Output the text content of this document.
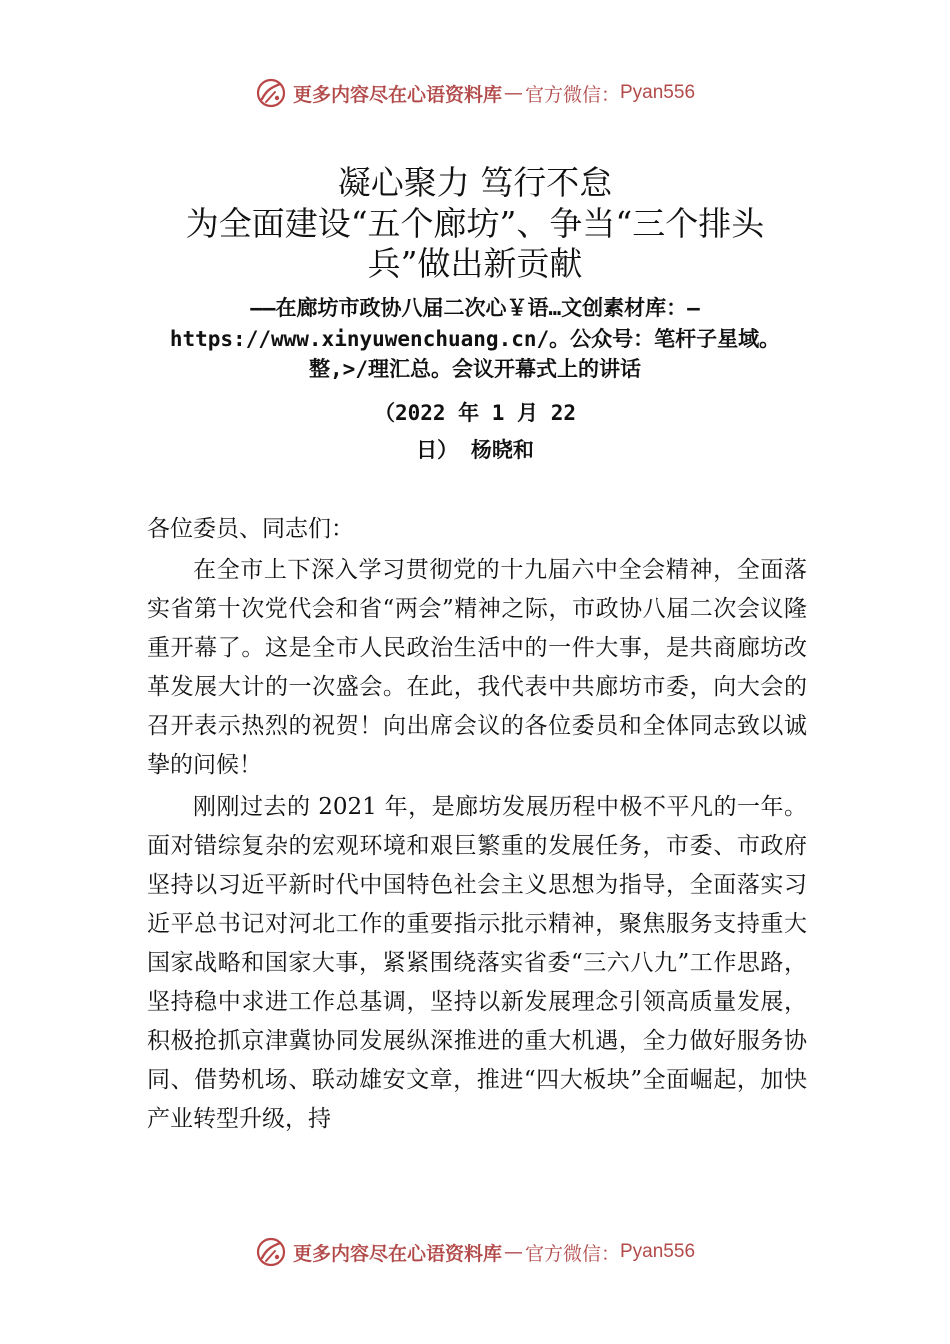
更多内容尽在心语资料库 — 官方微信： Pyan556
凝心聚力 笃行不怠
为全面建设“五个廊坊”、争当“三个排头
兵”做出新贡献
——在廊坊市政协八届二次心￥语…文创素材库：—
https://www.xinyuwenchuang.cn/。公众号：笔杆子星域。
整,>/理汇总。会议开幕式上的讲话
（2022 年 1 月 22
日） 杨晓和
各位委员、同志们：

在全市上下深入学习贯彻党的十九届六中全会精神，全面落实省第十次党代会和省“两会”精神之际，市政协八届二次会议隆重开幕了。这是全市人民政治生活中的一件大事，是共商廊坊改革发展大计的一次盛会。在此，我代表中共廊坊市委，向大会的召开表示热烈的祝贺！向出席会议的各位委员和全体同志致以诚挚的问候！

刚刚过去的 2021 年，是廊坊发展历程中极不平凡的一年。面对错综复杂的宏观环境和艰巨繁重的发展任务，市委、市政府坚持以习近平新时代中国特色社会主义思想为指导，全面落实习近平总书记对河北工作的重要指示批示精神，聚焦服务支持重大国家战略和国家大事，紧紧围绕落实省委“三六八九”工作思路，坚持稳中求进工作总基调，坚持以新发展理念引领高质量发展，积极抢抓京津冀协同发展纵深推进的重大机遇，全力做好服务协同、借势机场、联动雄安文章，推进“四大板块”全面崛起，加快产业转型升级，持

更多内容尽在心语资料库 — 官方微信： Pyan556
